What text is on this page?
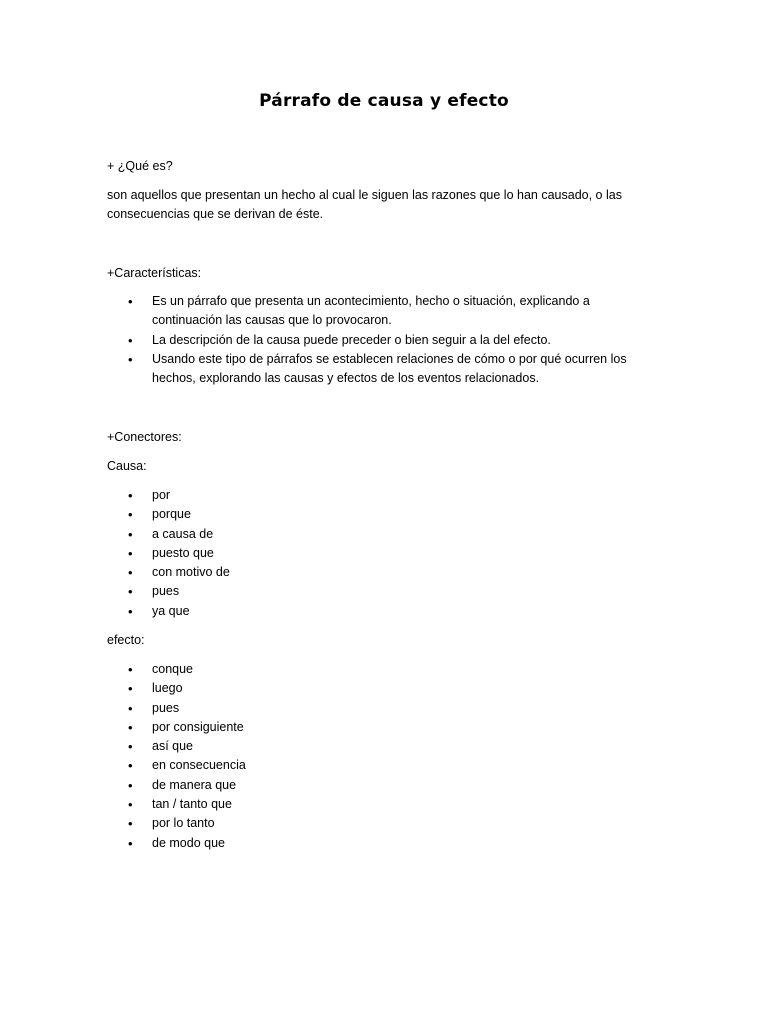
Párrafo de causa y efecto
+ ¿Qué es?
son aquellos que presentan un hecho al cual le siguen las razones que lo han causado, o las
consecuencias que se derivan de éste.
+Características:
• Es un párrafo que presenta un acontecimiento, hecho o situación, explicando a
continuación las causas que lo provocaron.
• La descripción de la causa puede preceder o bien seguir a la del efecto.
• Usando este tipo de párrafos se establecen relaciones de cómo o por qué ocurren los
hechos, explorando las causas y efectos de los eventos relacionados.
+Conectores:
Causa:
• por
• porque
• a causa de
• puesto que
• con motivo de
• pues
• ya que
efecto:
• conque
• luego
• pues
• por consiguiente
• así que
• en consecuencia
• de manera que
• tan / tanto que
• por lo tanto
• de modo que
